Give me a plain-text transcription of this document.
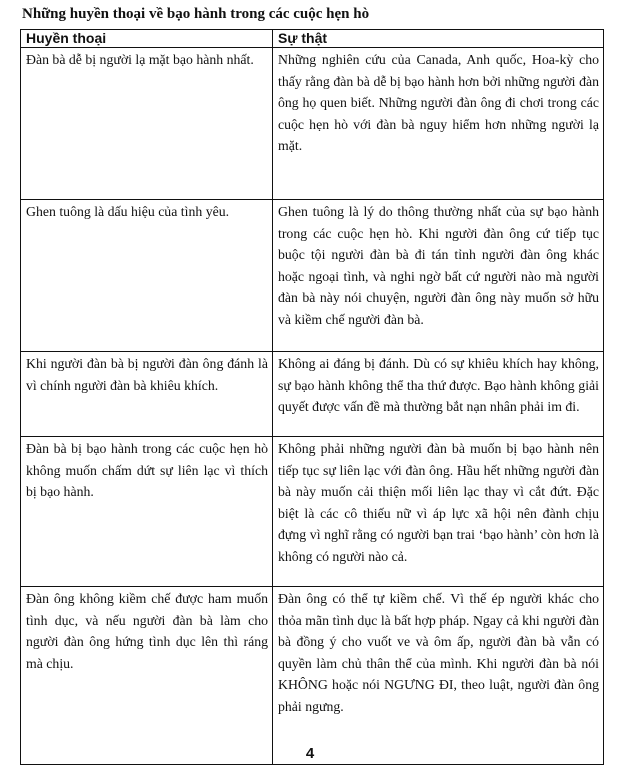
Những huyền thoại về bạo hành trong các cuộc hẹn hò
Huyền thoại	Sự thật
Đàn bà dễ bị người lạ mặt bạo hành nhất.	Những nghiên cứu của Canada, Anh quốc, Hoa-kỳ cho thấy rằng đàn bà dễ bị bạo hành hơn bởi những người đàn ông họ quen biết. Những người đàn ông đi chơi trong các cuộc hẹn hò với đàn bà nguy hiểm hơn những người lạ mặt.
Ghen tuông là dấu hiệu của tình yêu.	Ghen tuông là lý do thông thường nhất của sự bạo hành trong các cuộc hẹn hò. Khi người đàn ông cứ tiếp tục buộc tội người đàn bà đi tán tỉnh người đàn ông khác hoặc ngoại tình, và nghi ngờ bất cứ người nào mà người đàn bà này nói chuyện, người đàn ông này muốn sở hữu và kiềm chế người đàn bà.
Khi người đàn bà bị người đàn ông đánh là vì chính người đàn bà khiêu khích.	Không ai đáng bị đánh. Dù có sự khiêu khích hay không, sự bạo hành không thể tha thứ được. Bạo hành không giải quyết được vấn đề mà thường bắt nạn nhân phải im đi.
Đàn bà bị bạo hành trong các cuộc hẹn hò không muốn chấm dứt sự liên lạc vì thích bị bạo hành.	Không phải những người đàn bà muốn bị bạo hành nên tiếp tục sự liên lạc với đàn ông. Hầu hết những người đàn bà này muốn cải thiện mối liên lạc thay vì cắt đứt. Đặc biệt là các cô thiếu nữ vì áp lực xã hội nên đành chịu đựng vì nghĩ rằng có người bạn trai ‘bạo hành’ còn hơn là không có người nào cả.
Đàn ông không kiềm chế được ham muốn tình dục, và nếu người đàn bà làm cho người đàn ông hứng tình dục lên thì ráng mà chịu.	Đàn ông có thể tự kiềm chế. Vì thế ép người khác cho thỏa mãn tình dục là bất hợp pháp. Ngay cả khi người đàn bà đồng ý cho vuốt ve và ôm ấp, người đàn bà vẫn có quyền làm chủ thân thể của mình. Khi người đàn bà nói KHÔNG hoặc nói NGƯNG ĐI, theo luật, người đàn ông phải ngưng.
4
